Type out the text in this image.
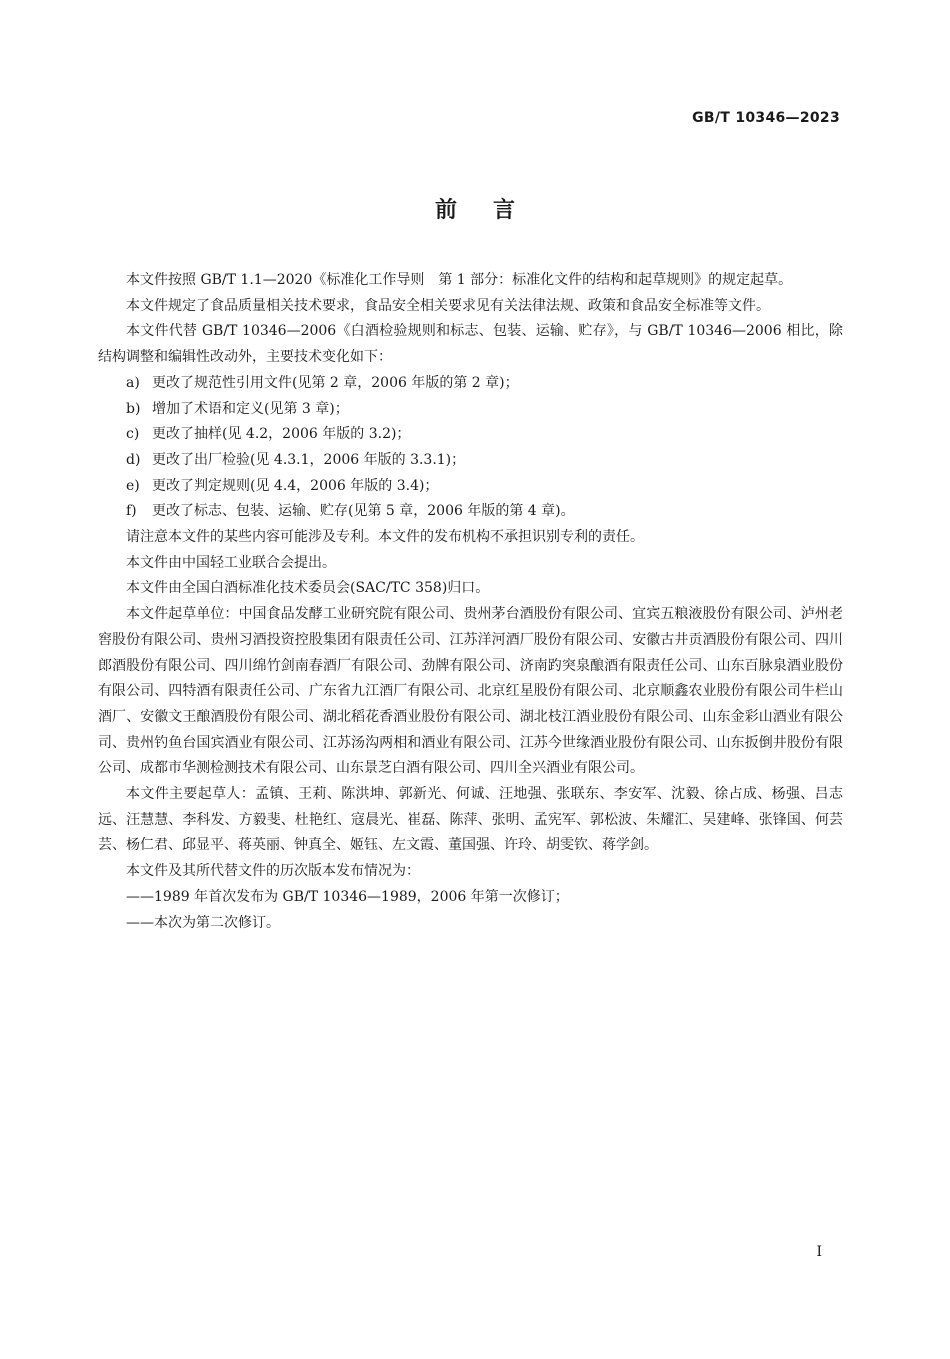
GB/T 10346—2023
前言

本文件按照 GB/T 1.1—2020《标准化工作导则　第 1 部分：标准化文件的结构和起草规则》的规定起草。

本文件规定了食品质量相关技术要求，食品安全相关要求见有关法律法规、政策和食品安全标准等文件。

本文件代替 GB/T 10346—2006《白酒检验规则和标志、包装、运输、贮存》，与 GB/T 10346—2006 相比，除结构调整和编辑性改动外，主要技术变化如下：

a) 更改了规范性引用文件(见第 2 章，2006 年版的第 2 章)；
b) 增加了术语和定义(见第 3 章)；
c) 更改了抽样(见 4.2，2006 年版的 3.2)；
d) 更改了出厂检验(见 4.3.1，2006 年版的 3.3.1)；
e) 更改了判定规则(见 4.4，2006 年版的 3.4)；
f)	更改了标志、包装、运输、贮存(见第 5 章，2006 年版的第 4 章)。

请注意本文件的某些内容可能涉及专利。本文件的发布机构不承担识别专利的责任。

本文件由中国轻工业联合会提出。

本文件由全国白酒标准化技术委员会(SAC/TC 358)归口。

本文件起草单位：中国食品发酵工业研究院有限公司、贵州茅台酒股份有限公司、宜宾五粮液股份有限公司、泸州老窖股份有限公司、贵州习酒投资控股集团有限责任公司、江苏洋河酒厂股份有限公司、安徽古井贡酒股份有限公司、四川郎酒股份有限公司、四川绵竹剑南春酒厂有限公司、劲牌有限公司、济南趵突泉酿酒有限责任公司、山东百脉泉酒业股份有限公司、四特酒有限责任公司、广东省九江酒厂有限公司、北京红星股份有限公司、北京顺鑫农业股份有限公司牛栏山酒厂、安徽文王酿酒股份有限公司、湖北稻花香酒业股份有限公司、湖北枝江酒业股份有限公司、山东金彩山酒业有限公司、贵州钓鱼台国宾酒业有限公司、江苏汤沟两相和酒业有限公司、江苏今世缘酒业股份有限公司、山东扳倒井股份有限公司、成都市华测检测技术有限公司、山东景芝白酒有限公司、四川全兴酒业有限公司。

本文件主要起草人：孟镇、王莉、陈洪坤、郭新光、何诚、汪地强、张联东、李安军、沈毅、徐占成、杨强、吕志远、汪慧慧、李科发、方毅斐、杜艳红、寇晨光、崔磊、陈萍、张明、孟宪军、郭松波、朱耀汇、吴建峰、张锋国、何芸芸、杨仁君、邱显平、蒋英丽、钟真全、姬钰、左文霞、董国强、许玲、胡雯钦、蒋学剑。

本文件及其所代替文件的历次版本发布情况为：

——1989 年首次发布为 GB/T 10346—1989，2006 年第一次修订；

——本次为第二次修订。

I
